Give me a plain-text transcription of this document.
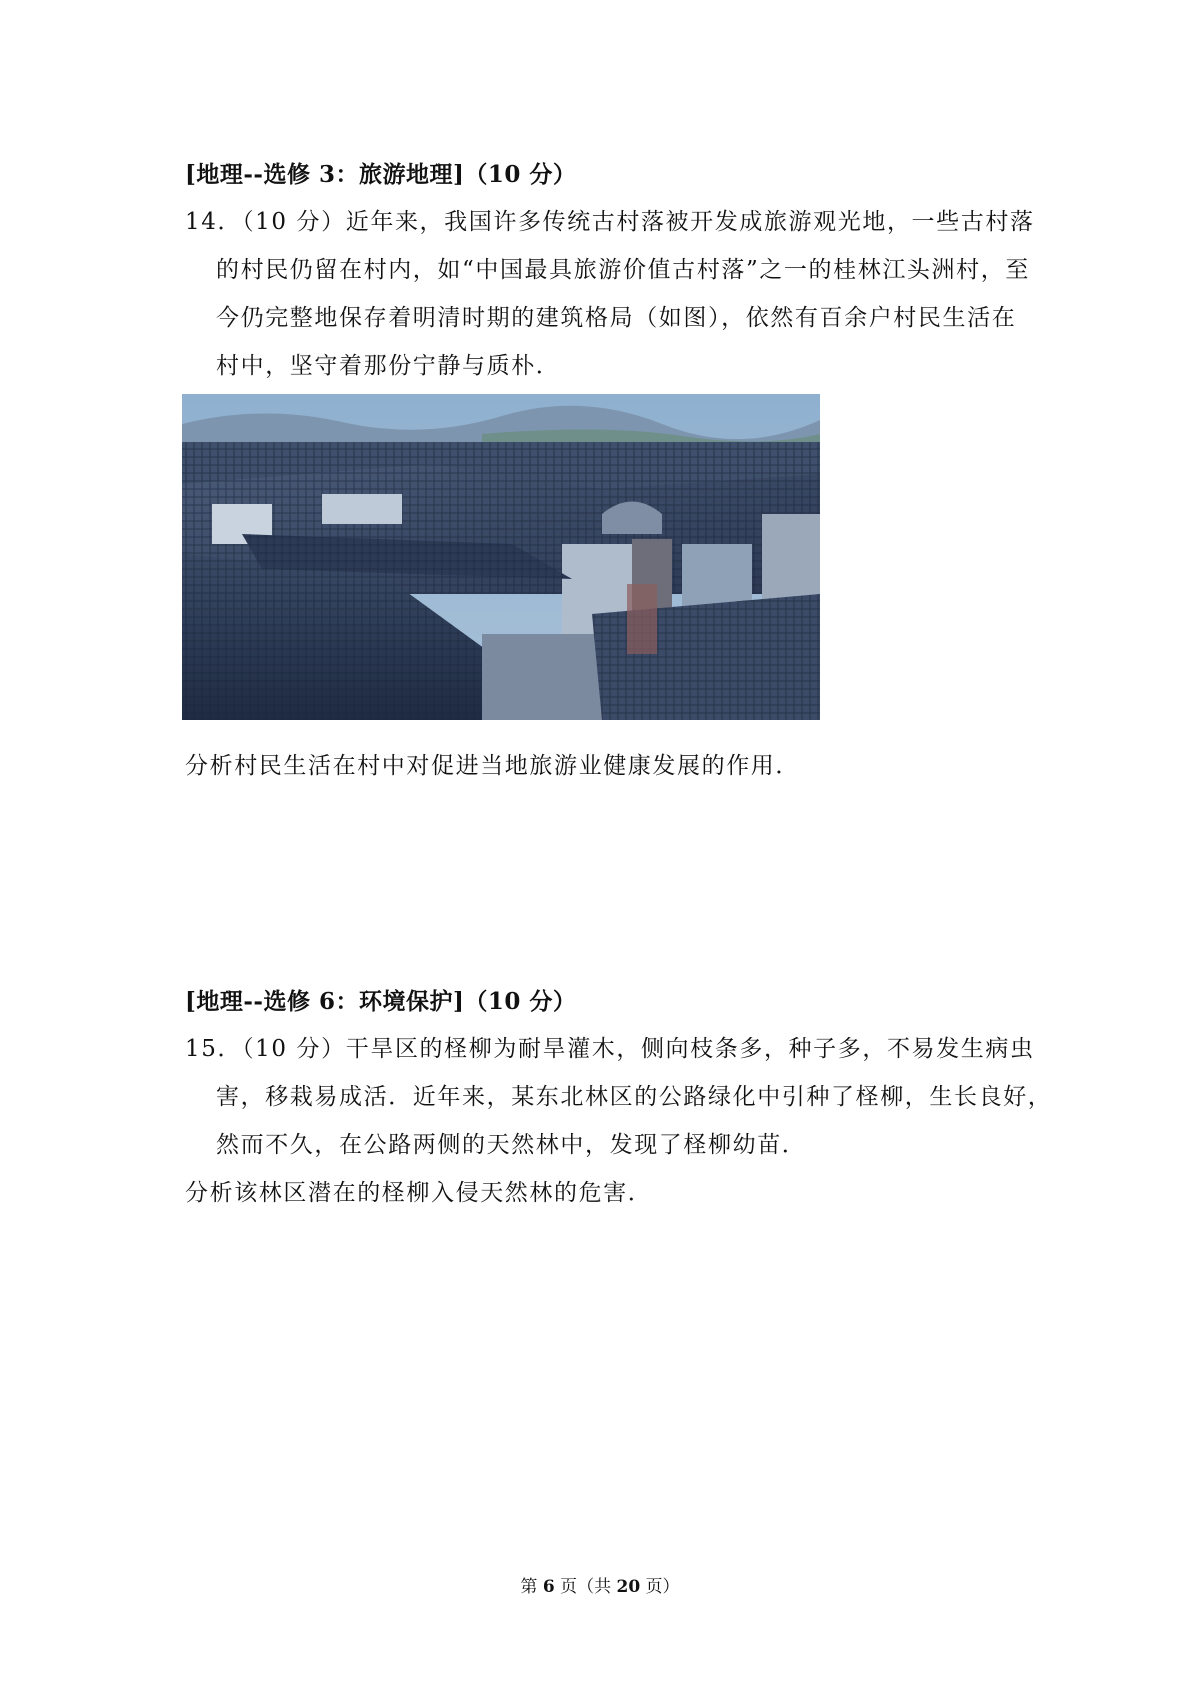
[地理--选修 3：旅游地理]（10 分）
14．（10 分）近年来，我国许多传统古村落被开发成旅游观光地，一些古村落
的村民仍留在村内，如“中国最具旅游价值古村落”之一的桂林江头洲村，至
今仍完整地保存着明清时期的建筑格局（如图），依然有百余户村民生活在
村中，坚守着那份宁静与质朴．
分析村民生活在村中对促进当地旅游业健康发展的作用．
[地理--选修 6：环境保护]（10 分）
15．（10 分）干旱区的柽柳为耐旱灌木，侧向枝条多，种子多，不易发生病虫
害，移栽易成活．近年来，某东北林区的公路绿化中引种了柽柳，生长良好，
然而不久，在公路两侧的天然林中，发现了柽柳幼苗．
分析该林区潜在的柽柳入侵天然林的危害．
第 6 页（共 20 页）
